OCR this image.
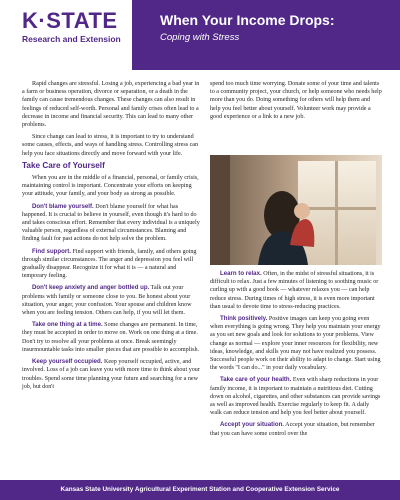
K·STATE
Research and Extension
When Your Income Drops:
Coping with Stress

Rapid changes are stressful. Losing a job, experiencing a bad year in a farm or business operation, divorce or separation, or a death in the family can cause tremendous changes. These changes can also result in feelings of reduced self-worth. Personal and family crises often lead to a decrease in income and financial security. This can lead to many other problems.

Since change can lead to stress, it is important to try to understand some causes, effects, and ways of handling stress. Controlling stress can help you face situations directly and move forward with your life.

Take Care of Yourself

When you are in the middle of a financial, personal, or family crisis, maintaining control is important. Concentrate your efforts on keeping your attitude, your family, and your body as strong as possible.

Don't blame yourself. Don't blame yourself for what has happened. It is crucial to believe in yourself, even though it's hard to do and takes conscious effort. Remember that every individual is a uniquely valuable person, regardless of external circumstances. Blaming and finding fault for past actions do not help solve the problem.

Find support. Find support with friends, family, and others going through similar circumstances. The anger and depression you feel will gradually disappear. Recognize it for what it is — a natural and temporary feeling.

Don't keep anxiety and anger bottled up. Talk out your problems with family or someone close to you. Be honest about your situation, your anger, your confusion. Your spouse and children know when you are feeling tension. Others can help, if you will let them.

Take one thing at a time. Some changes are permanent. In time, they must be accepted in order to move on. Work on one thing at a time. Don't try to resolve all your problems at once. Break seemingly insurmountable tasks into smaller pieces that are possible to accomplish.

Keep yourself occupied. Keep yourself occupied, active, and involved. Loss of a job can leave you with more time to think about your troubles. Spend some time planning your future and searching for a new job, but don't

spend too much time worrying. Donate some of your time and talents to a community project, your church, or help someone who needs help more than you do. Doing something for others will help them and help you feel better about yourself. Volunteer work may provide a good experience or a link to a new job.

Learn to relax. Often, in the midst of stressful situations, it is difficult to relax. Just a few minutes of listening to soothing music or curling up with a good book — whatever relaxes you — can help reduce stress. During times of high stress, it is even more important than usual to devote time to stress-reducing practices.

Think positively. Positive images can keep you going even when everything is going wrong. They help you maintain your energy as you set new goals and look for solutions to your problems. View change as normal — explore your inner resources for flexibility, new ideas, knowledge, and skills you may not have realized you possess. Successful people work on their ability to adapt to change. Start using the words "I can do..." in your daily vocabulary.

Take care of your health. Even with sharp reductions in your family income, it is important to maintain a nutritious diet. Cutting down on alcohol, cigarettes, and other substances can provide savings as well as improved health. Exercise regularly to keep fit. A daily walk can reduce tension and help you feel better about yourself.

Accept your situation. Accept your situation, but remember that you can have some control over the

Kansas State University Agricultural Experiment Station and Cooperative Extension Service
